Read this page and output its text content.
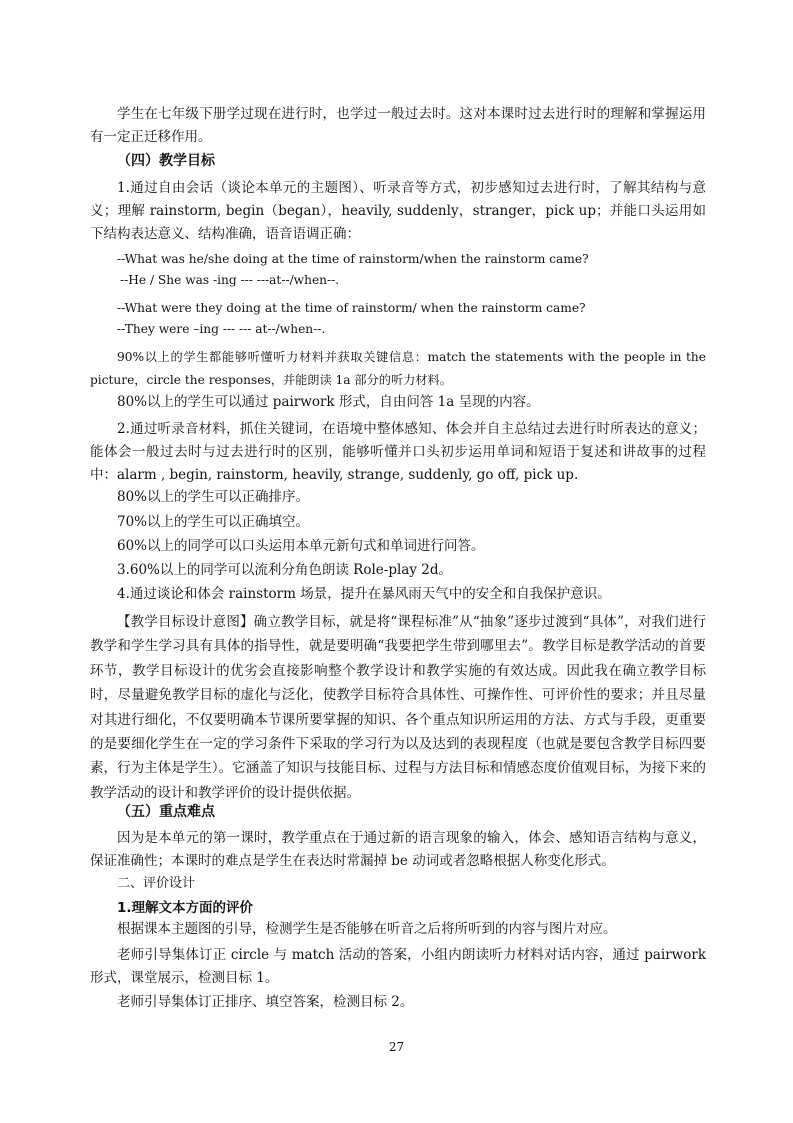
学生在七年级下册学过现在进行时，也学过一般过去时。这对本课时过去进行时的理解和掌握运用有一定正迁移作用。

（四）教学目标

1.通过自由会话（谈论本单元的主题图）、听录音等方式，初步感知过去进行时，了解其结构与意义；理解 rainstorm, begin（began），heavily, suddenly，stranger，pick up；并能口头运用如下结构表达意义、结构准确，语音语调正确：

--What was he/she doing at the time of rainstorm/when the rainstorm came?

--He / She was -ing --- ---at--/when--.

--What were they doing at the time of rainstorm/ when the rainstorm came?

--They were –ing --- --- at--/when--.

90%以上的学生都能够听懂听力材料并获取关键信息：match the statements with the people in the picture，circle the responses，并能朗读 1a 部分的听力材料。

80%以上的学生可以通过 pairwork 形式，自由问答 1a 呈现的内容。

2.通过听录音材料，抓住关键词，在语境中整体感知、体会并自主总结过去进行时所表达的意义；能体会一般过去时与过去进行时的区别，能够听懂并口头初步运用单词和短语于复述和讲故事的过程中：alarm , begin, rainstorm, heavily, strange, suddenly, go off, pick up.

80%以上的学生可以正确排序。

70%以上的学生可以正确填空。

60%以上的同学可以口头运用本单元新句式和单词进行问答。

3.60%以上的同学可以流利分角色朗读 Role-play 2d。

4.通过谈论和体会 rainstorm 场景，提升在暴风雨天气中的安全和自我保护意识。

【教学目标设计意图】确立教学目标，就是将“课程标准”从“抽象”逐步过渡到“具体”，对我们进行教学和学生学习具有具体的指导性，就是要明确“我要把学生带到哪里去”。教学目标是教学活动的首要环节，教学目标设计的优劣会直接影响整个教学设计和教学实施的有效达成。因此我在确立教学目标时，尽量避免教学目标的虚化与泛化，使教学目标符合具体性、可操作性、可评价性的要求；并且尽量对其进行细化，不仅要明确本节课所要掌握的知识、各个重点知识所运用的方法、方式与手段，更重要的是要细化学生在一定的学习条件下采取的学习行为以及达到的表现程度（也就是要包含教学目标四要素，行为主体是学生）。它涵盖了知识与技能目标、过程与方法目标和情感态度价值观目标，为接下来的教学活动的设计和教学评价的设计提供依据。

（五）重点难点

因为是本单元的第一课时，教学重点在于通过新的语言现象的输入，体会、感知语言结构与意义，保证准确性；本课时的难点是学生在表达时常漏掉 be 动词或者忽略根据人称变化形式。

二、评价设计

1.理解文本方面的评价

根据课本主题图的引导，检测学生是否能够在听音之后将所听到的内容与图片对应。

老师引导集体订正 circle 与 match 活动的答案，小组内朗读听力材料对话内容，通过 pairwork 形式，课堂展示，检测目标 1。

老师引导集体订正排序、填空答案，检测目标 2。

27
